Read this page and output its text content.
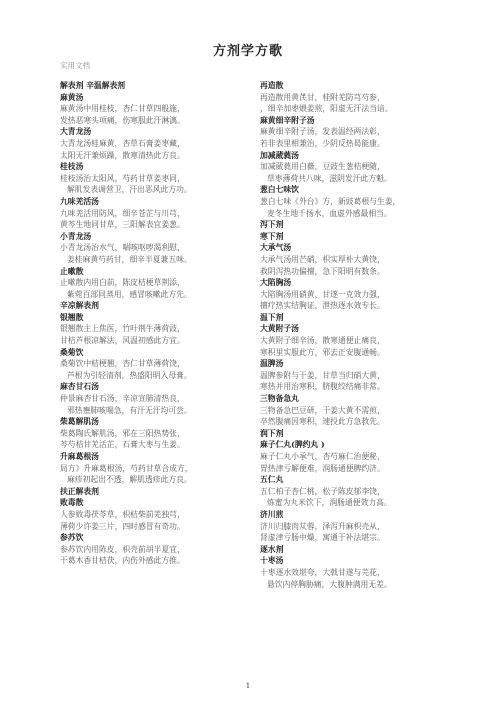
方剂学方歌
实用文档
解表剂 辛温解表剂
麻黄汤
麻黄汤中用桂枝，杏仁甘草四般施，
发热恶寒头项痛，伤寒服此汗淋漓。
大青龙汤
大青龙汤桂麻黄，杏草石膏姜枣藏，
太阳无汗兼烦躁，散寒清热此方良。
桂枝汤
桂枝汤治太阳风，芍药甘草姜枣同，
解肌发表调营卫，汗出恶风此方功。
九味羌活汤
九味羌活用防风，细辛苍芷与川芎，
黄芩生地同甘草，三阳解表宜姜葱。
小青龙汤
小青龙汤治水气，喘咳呕哕渴利慰，
姜桂麻黄芍药甘，细辛半夏兼五味。
止嗽散
止嗽散内用白前，陈皮桔梗草荆添，
紫菀百部同蒸用，感冒咳嗽此方先。
辛凉解表剂
银翘散
银翘散主上焦医，竹叶荆牛薄荷豉，
甘桔芦根凉解法，风温初感此方宜。
桑菊饮
桑菊饮中桔梗翘，杏仁甘草薄荷饶，
芦根为引轻清剂，热盛阳明入母膏。
麻杏甘石汤
仲景麻杏甘石汤，辛凉宣肺清热良，
邪热壅肺咳喘急，有汗无汗均可尝。
柴葛解肌汤
柴葛陶氏解肌汤，邪在三阳热势张，
芩芍桔甘羌活芷，石膏大枣与生姜。
升麻葛根汤
局方》升麻葛根汤，芍药甘草合成方，
麻疹初起出不透，解肌透疹此方良。
扶正解表剂
败毒散
人参败毒茯苓草，枳桔柴前羌独芎，
薄荷少许姜三片，四时感冒有奇功。
参苏饮
参苏饮内用陈皮，枳壳前胡半夏宜，
干葛木香甘桔茯，内伤外感此方推。
再造散
再造散用黄芪甘，桂附羌防芎芍参，
，细辛加枣煨姜煎，阳虚无汗法当谙。
麻黄细辛附子汤
麻黄细辛附子汤，发表温经两法彰，
若非表里相兼治，少阴反热曷能康。
加减葳蕤汤
加减葳蕤用白薇，豆豉生葱桔梗随，
草枣薄荷共八味，滋阴发汗此方魁。
葱白七味饮
葱白七味《外台》方，新豉葛根与生姜，
麦冬生地千扬水，血虚外感最相当。
泻下剂
寒下剂
大承气汤
大承气汤用芒硝，枳实厚朴大黄饶，
救阴泻热功偏擅，急下阳明有数条。
大陷胸汤
大陷胸汤用硝黄，甘遂一克效力强，
擅疗热实结胸证，泄热逐水效专长。
温下剂
大黄附子汤
大黄附子细辛汤，散寒通便止痛良，
寒积里实服此方，邪去正安腹通畅。
温脾汤
温脾参附与干姜，甘草当归硝大黄，
寒热并用治寒积，脐腹绞结痛非常。
三物备急丸
三物备急巴豆研，干姜大黄不需煎，
卒然腹痛因寒积，速投此方急救先。
润下剂
麻子仁丸(脾约丸 )
麻子仁丸小承气，杏芍麻仁治便秘，
胃热津亏解便难，润肠通便脾约济。
五仁丸
五仁柏子杏仁桃，松子陈皮郁李饶，
炼蜜为丸米饮下，润肠通便效力高。
济川煎
济川归膝肉苁蓉，泽泻升麻枳壳从，
肾虚津亏肠中燥，寓通于补法堪宗。
逐水剂
十枣汤
十枣逐水效堪夸，大戟甘遂与芫花，
悬饮内停胸胁痛，大腹肿满用无差。
1
